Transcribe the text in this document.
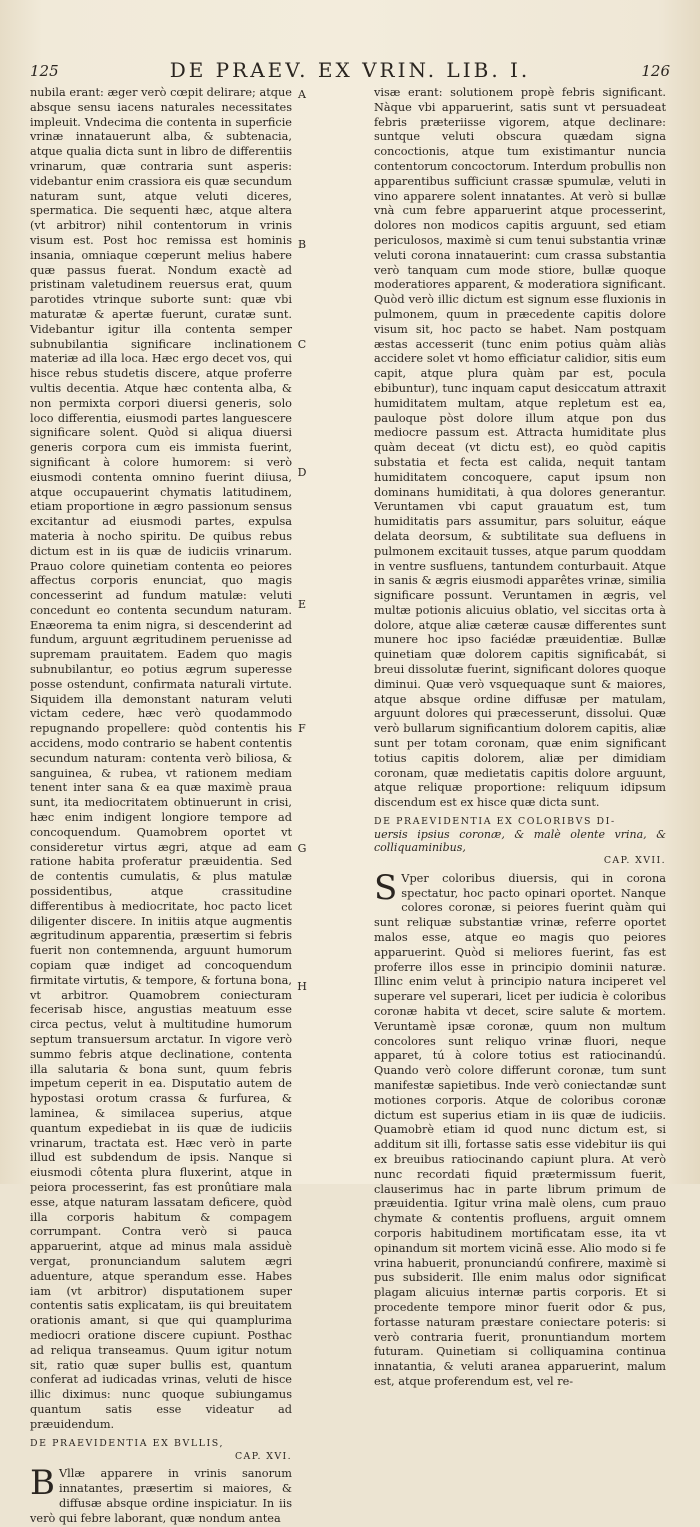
125	DE PRAEV. EX VRIN. LIB. I.	126

nubila erant: æger verò cœpit delirare; atque absque sensu iacens naturales necessitates impleuit. Vndecima die contenta in superficie vrinæ innatauerunt alba, & subtenacia, atque qualia dicta sunt in libro de differentiis vrinarum, quæ contraria sunt asperis: videbantur enim crassiora eis quæ secundum naturam sunt, atque veluti diceres, spermatica. Die sequenti hæc, atque altera (vt arbitror) nihil contentorum in vrinis visum est. Post hoc remissa est hominis insania, omniaque cœperunt melius habere quæ passus fuerat. Nondum exactè ad pristinam valetudinem reuersus erat, quum parotides vtrinque suborte sunt: quæ vbi maturatæ & apertæ fuerunt, curatæ sunt. Videbantur igitur illa contenta semper subnubilantia significare inclinationem materiæ ad illa loca. Hæc ergo decet vos, qui hisce rebus studetis discere, atque proferre vultis decentia. Atque hæc contenta alba, & non permixta corpori diuersi generis, solo loco differentia, eiusmodi partes languescere significare solent. Quòd si aliqua diuersi generis corpora cum eis immista fuerint, significant à colore humorem: si verò eiusmodi contenta omnino fuerint diiusa, atque occupauerint chymatis latitudinem, etiam proportione in ægro passionum sensus excitantur ad eiusmodi partes, expulsa materia à nocho spiritu. De quibus rebus dictum est in iis quæ de iudiciis vrinarum. Prauo colore quinetiam contenta eo peiores affectus corporis enunciat, quo magis concesserint ad fundum matulæ: veluti concedunt eo contenta secundum naturam. Enæorema ta enim nigra, si descenderint ad fundum, arguunt ægritudinem peruenisse ad supremam prauitatem. Eadem quo magis subnubilantur, eo potius ægrum superesse posse ostendunt, confirmata naturali virtute. Siquidem illa demonstant naturam veluti victam cedere, hæc verò quodammodo repugnando propellere: quòd contentis his accidens, modo contrario se habent contentis secundum naturam: contenta verò biliosa, & sanguinea, & rubea, vt rationem mediam tenent inter sana & ea quæ maximè praua sunt, ita mediocritatem obtinuerunt in crisi, hæc enim indigent longiore tempore ad concoquendum. Quamobrem oportet vt consideretur virtus ægri, atque ad eam ratione habita proferatur præuidentia. Sed de contentis cumulatis, & plus matulæ possidentibus, atque crassitudine differentibus à mediocritate, hoc pacto licet diligenter discere. In initiis atque augmentis ægritudinum apparentia, præsertim si febris fuerit non contemnenda, arguunt humorum copiam quæ indiget ad concoquendum firmitate virtutis, & tempore, & fortuna bona, vt arbitror. Quamobrem coniecturam fecerisab hisce, angustias meatuum esse circa pectus, velut à multitudine humorum septum transuersum arctatur. In vigore verò summo febris atque declinatione, contenta illa salutaria & bona sunt, quum febris impetum ceperit in ea. Disputatio autem de hypostasi orotum crassa & furfurea, & laminea, & similacea superius, atque quantum expediebat in iis quæ de iudiciis vrinarum, tractata est. Hæc verò in parte illud est subdendum de ipsis. Nanque si eiusmodi côtenta plura fluxerint, atque in peiora processerint, fas est pronûtiare mala esse, atque naturam lassatam deficere, quòd illa corporis habitum & compagem corrumpant. Contra verò si pauca apparuerint, atque ad minus mala assiduè vergat, pronunciandum salutem ægri aduenture, atque sperandum esse. Habes iam (vt arbitror) disputationem super contentis satis explicatam, iis qui breuitatem orationis amant, si que qui quamplurima mediocri oratione discere cupiunt. Posthac ad reliqua transeamus. Quum igitur notum sit, ratio quæ super bullis est, quantum conferat ad iudicadas vrinas, veluti de hisce illic diximus: nunc quoque subiungamus quantum satis esse videatur ad præuidendum.

DE PRAEVIDENTIA EX BVLLIS,
CAP. XVI.

B Vllæ apparere in vrinis sanorum innatantes, præsertim si maiores, & diffusæ absque ordine inspiciatur. In iis verò qui febre laborant, quæ nondum antea

A
B
C
D
E
F
G
H

visæ erant: solutionem propè febris significant. Nàque vbi apparuerint, satis sunt vt persuadeat febris præteriisse vigorem, atque declinare: suntque veluti obscura quædam signa concoctionis, atque tum existimantur nuncia contentorum concoctorum. Interdum probullis non apparentibus sufficiunt crassæ spumulæ, veluti in vino apparere solent innatantes. At verò si bullæ vnà cum febre apparuerint atque processerint, dolores non modicos capitis arguunt, sed etiam periculosos, maximè si cum tenui substantia vrinæ veluti corona innatauerint: cum crassa substantia verò tanquam cum mode stiore, bullæ quoque moderatiores apparent, & moderatiora significant. Quòd verò illic dictum est signum esse fluxionis in pulmonem, quum in præcedente capitis dolore visum sit, hoc pacto se habet. Nam postquam æstas accesserit (tunc enim potius quàm aliàs accidere solet vt homo efficiatur calidior, sitis eum capit, atque plura quàm par est, pocula ebibuntur), tunc inquam caput desiccatum attraxit humiditatem multam, atque repletum est ea, pauloque pòst dolore illum atque pon dus mediocre passum est. Attracta humiditate plus quàm deceat (vt dictu est), eo quòd capitis substatia et fecta est calida, nequit tantam humiditatem concoquere, caput ipsum non dominans humiditati, à qua dolores generantur. Veruntamen vbi caput grauatum est, tum humiditatis pars assumitur, pars soluitur, eáque delata deorsum, & subtilitate sua defluens in pulmonem excitauit tusses, atque parum quoddam in ventre susfluens, tantundem conturbauit. Atque in sanis & ægris eiusmodi apparêtes vrinæ, similia significare possunt. Veruntamen in ægris, vel multæ potionis alicuius oblatio, vel siccitas orta à dolore, atque aliæ cæteræ causæ differentes sunt munere hoc ipso faciédæ præuidentiæ. Bullæ quinetiam quæ dolorem capitis significabát, si breui dissolutæ fuerint, significant dolores quoque diminui. Quæ verò vsquequaque sunt & maiores, atque absque ordine diffusæ per matulam, arguunt dolores qui præcesserunt, dissolui. Quæ verò bullarum significantium dolorem capitis, aliæ sunt per totam coronam, quæ enim significant totius capitis dolorem, aliæ per dimidiam coronam, quæ medietatis capitis dolore arguunt, atque reliquæ proportione: reliquum idipsum discendum est ex hisce quæ dicta sunt.

DE PRAEVIDENTIA EX COLORIBVS DI-
uersis ipsius coronæ, & malè olente vrina, & colliquaminibus,
CAP. XVII.

S Vper coloribus diuersis, qui in corona spectatur, hoc pacto opinari oportet. Nanque colores coronæ, si peiores fuerint quàm qui sunt reliquæ substantiæ vrinæ, referre oportet malos esse, atque eo magis quo peiores apparuerint. Quòd si meliores fuerint, fas est proferre illos esse in principio dominii naturæ. Illinc enim velut à principio natura inciperet vel superare vel superari, licet per iudicia è coloribus coronæ habita vt decet, scire salute & mortem. Veruntamè ipsæ coronæ, quum non multum concolores sunt reliquo vrinæ fluori, neque apparet, tú à colore totius est ratiocinandú. Quando verò colore differunt coronæ, tum sunt manifestæ sapietibus. Inde verò coniectandæ sunt motiones corporis. Atque de coloribus coronæ dictum est superius etiam in iis quæ de iudiciis. Quamobrè etiam id quod nunc dictum est, si additum sit illi, fortasse satis esse videbitur iis qui ex breuibus ratiocinando capiunt plura. At verò nunc recordati fiquid prætermissum fuerit, clauserimus hac in parte librum primum de præuidentia. Igitur vrina malè olens, cum prauo chymate & contentis profluens, arguit omnem corporis habitudinem mortificatam esse, ita vt opinandum sit mortem vicinã esse. Alio modo si fe vrina habuerit, pronunciandú confirere, maximè si pus subsiderit. Ille enim malus odor significat plagam alicuius internæ partis corporis. Et si procedente tempore minor fuerit odor & pus, fortasse naturam præstare coniectare poteris: si verò contraria fuerit, pronuntiandum mortem futuram. Quinetiam si colliquamina continua innatantia, & veluti aranea apparuerint, malum est, atque proferendum est, vel re-
